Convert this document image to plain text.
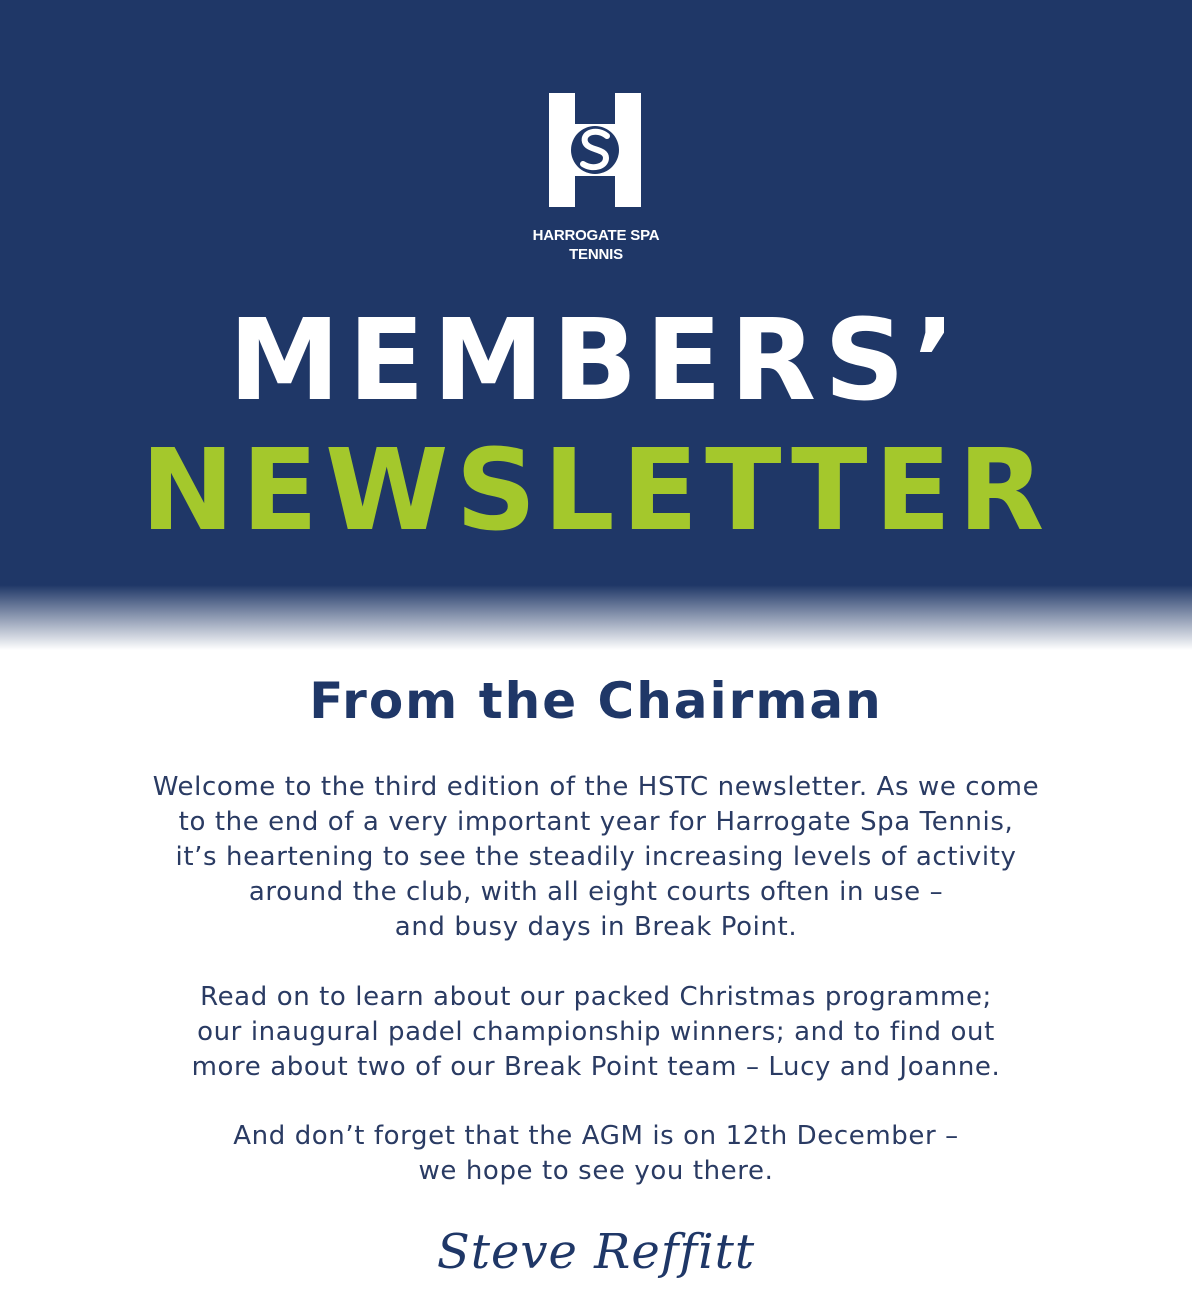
HARROGATE SPA
TENNIS
MEMBERS’
NEWSLETTER
From the Chairman
Welcome to the third edition of the HSTC newsletter. As we come
to the end of a very important year for Harrogate Spa Tennis,
it’s heartening to see the steadily increasing levels of activity
around the club, with all eight courts often in use –
and busy days in Break Point.
Read on to learn about our packed Christmas programme;
our inaugural padel championship winners; and to find out
more about two of our Break Point team – Lucy and Joanne.
And don’t forget that the AGM is on 12th December –
we hope to see you there.
Steve Reffitt
